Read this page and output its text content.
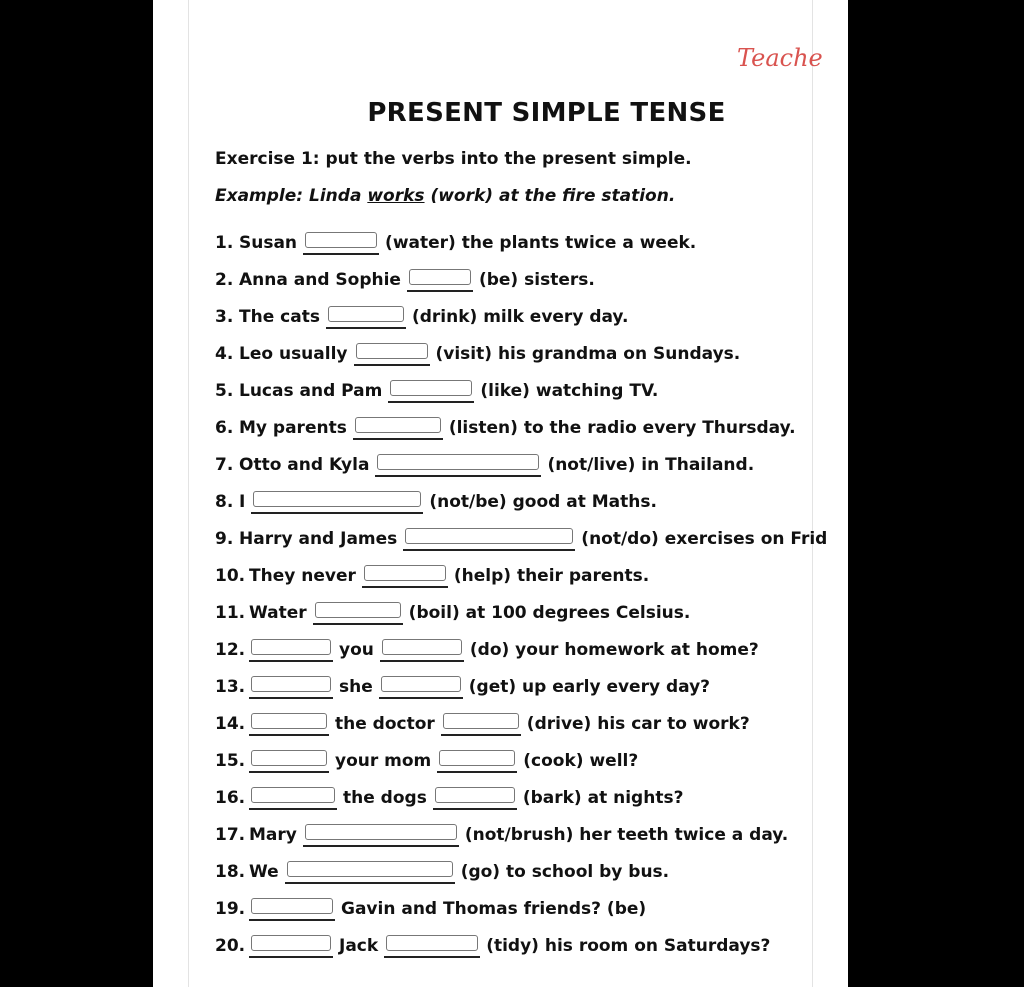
Teache
PRESENT SIMPLE TENSE
Exercise 1: put the verbs into the present simple.
Example: Linda works (work) at the fire station.
1. Susan	(water) the plants twice a week.
2. Anna and Sophie	(be) sisters.
3. The cats	(drink) milk every day.
4. Leo usually	(visit) his grandma on Sundays.
5. Lucas and Pam	(like) watching TV.
6. My parents	(listen) to the radio every Thursday.
7. Otto and Kyla	(not/live) in Thailand.
8. I	(not/be) good at Maths.
9. Harry and James	(not/do) exercises on Frid
10. They never	(help) their parents.
11. Water	(boil) at 100 degrees Celsius.
12.	you	(do) your homework at home?
13.	she	(get) up early every day?
14.	the doctor	(drive) his car to work?
15.	your mom	(cook) well?
16.	the dogs	(bark) at nights?
17. Mary	(not/brush) her teeth twice a day.
18. We	(go) to school by bus.
19.	Gavin and Thomas friends? (be)
20.	Jack	(tidy) his room on Saturdays?
